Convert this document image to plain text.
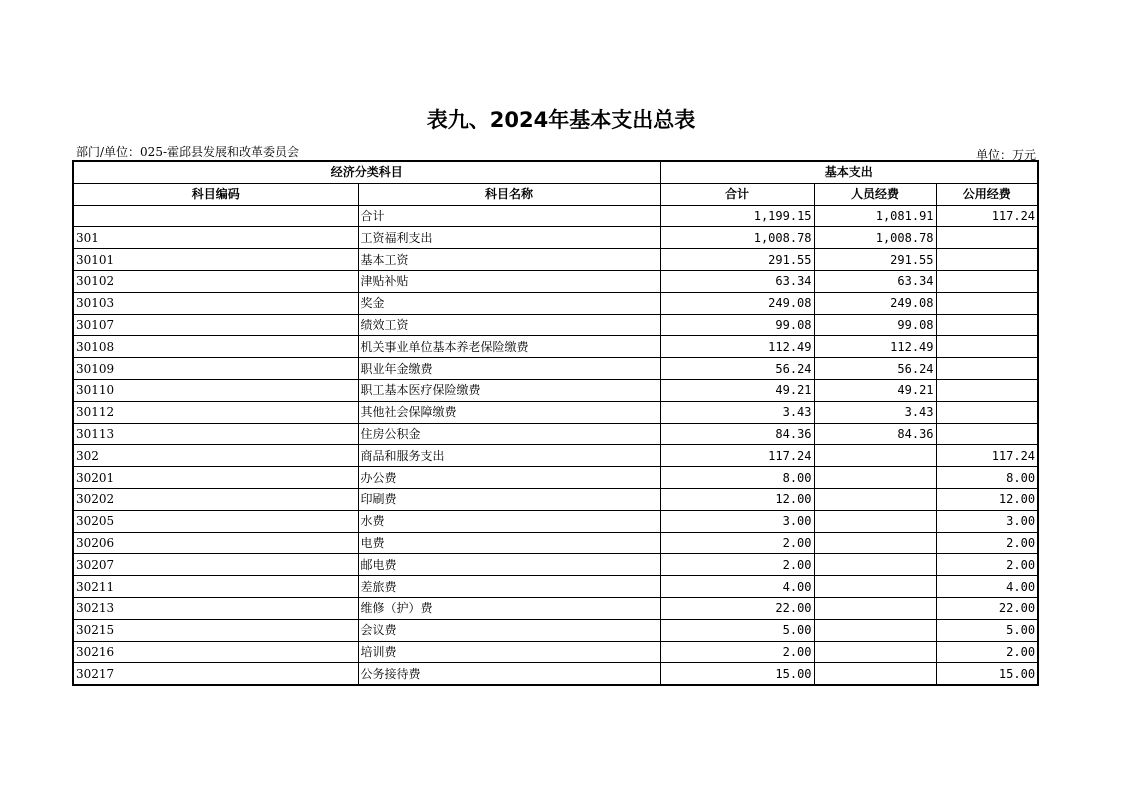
表九、2024年基本支出总表
部门/单位：025-霍邱县发展和改革委员会	单位：万元
经济分类科目		基本支出		
科目编码	科目名称	合计	人员经费	公用经费
	合计	1,199.15	1,081.91	117.24
301	工资福利支出	1,008.78	1,008.78	
30101	基本工资	291.55	291.55	
30102	津贴补贴	63.34	63.34	
30103	奖金	249.08	249.08	
30107	绩效工资	99.08	99.08	
30108	机关事业单位基本养老保险缴费	112.49	112.49	
30109	职业年金缴费	56.24	56.24	
30110	职工基本医疗保险缴费	49.21	49.21	
30112	其他社会保障缴费	3.43	3.43	
30113	住房公积金	84.36	84.36	
302	商品和服务支出	117.24		117.24
30201	办公费	8.00		8.00
30202	印刷费	12.00		12.00
30205	水费	3.00		3.00
30206	电费	2.00		2.00
30207	邮电费	2.00		2.00
30211	差旅费	4.00		4.00
30213	维修（护）费	22.00		22.00
30215	会议费	5.00		5.00
30216	培训费	2.00		2.00
30217	公务接待费	15.00		15.00
